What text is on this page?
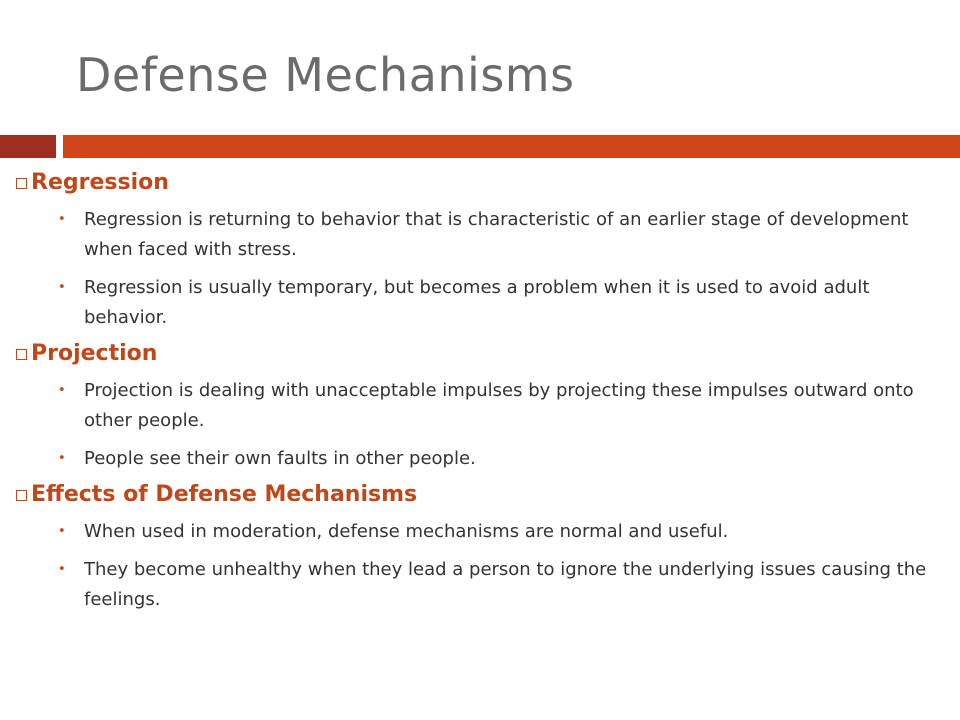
Defense Mechanisms
Regression
• Regression is returning to behavior that is characteristic of an earlier stage of development when faced with stress.
• Regression is usually temporary, but becomes a problem when it is used to avoid adult behavior.
Projection
• Projection is dealing with unacceptable impulses by projecting these impulses outward onto other people.
• People see their own faults in other people.
Effects of Defense Mechanisms
• When used in moderation, defense mechanisms are normal and useful.
• They become unhealthy when they lead a person to ignore the underlying issues causing the feelings.
